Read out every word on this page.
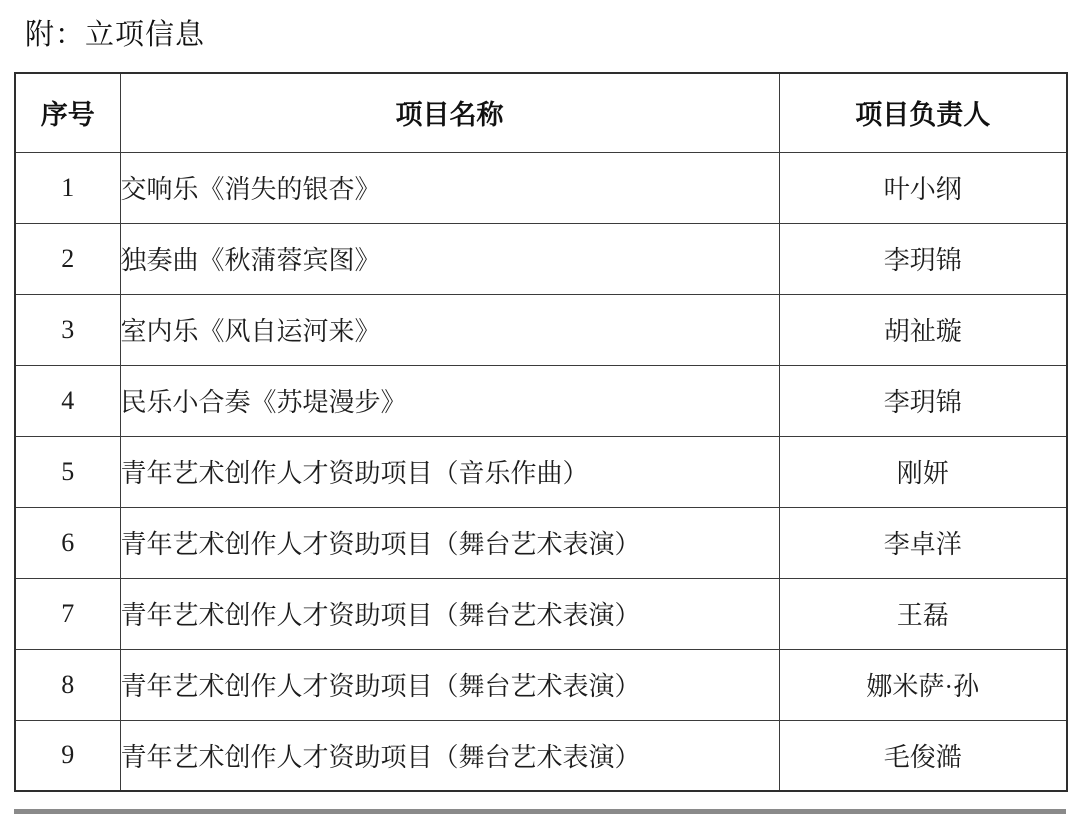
附：立项信息
序号	项目名称	项目负责人
1	交响乐《消失的银杏》	叶小纲
2	独奏曲《秋蒲蓉宾图》	李玥锦
3	室内乐《风自运河来》	胡祉璇
4	民乐小合奏《苏堤漫步》	李玥锦
5	青年艺术创作人才资助项目（音乐作曲）	刚妍
6	青年艺术创作人才资助项目（舞台艺术表演）	李卓洋
7	青年艺术创作人才资助项目（舞台艺术表演）	王磊
8	青年艺术创作人才资助项目（舞台艺术表演）	娜米萨·孙
9	青年艺术创作人才资助项目（舞台艺术表演）	毛俊澔
